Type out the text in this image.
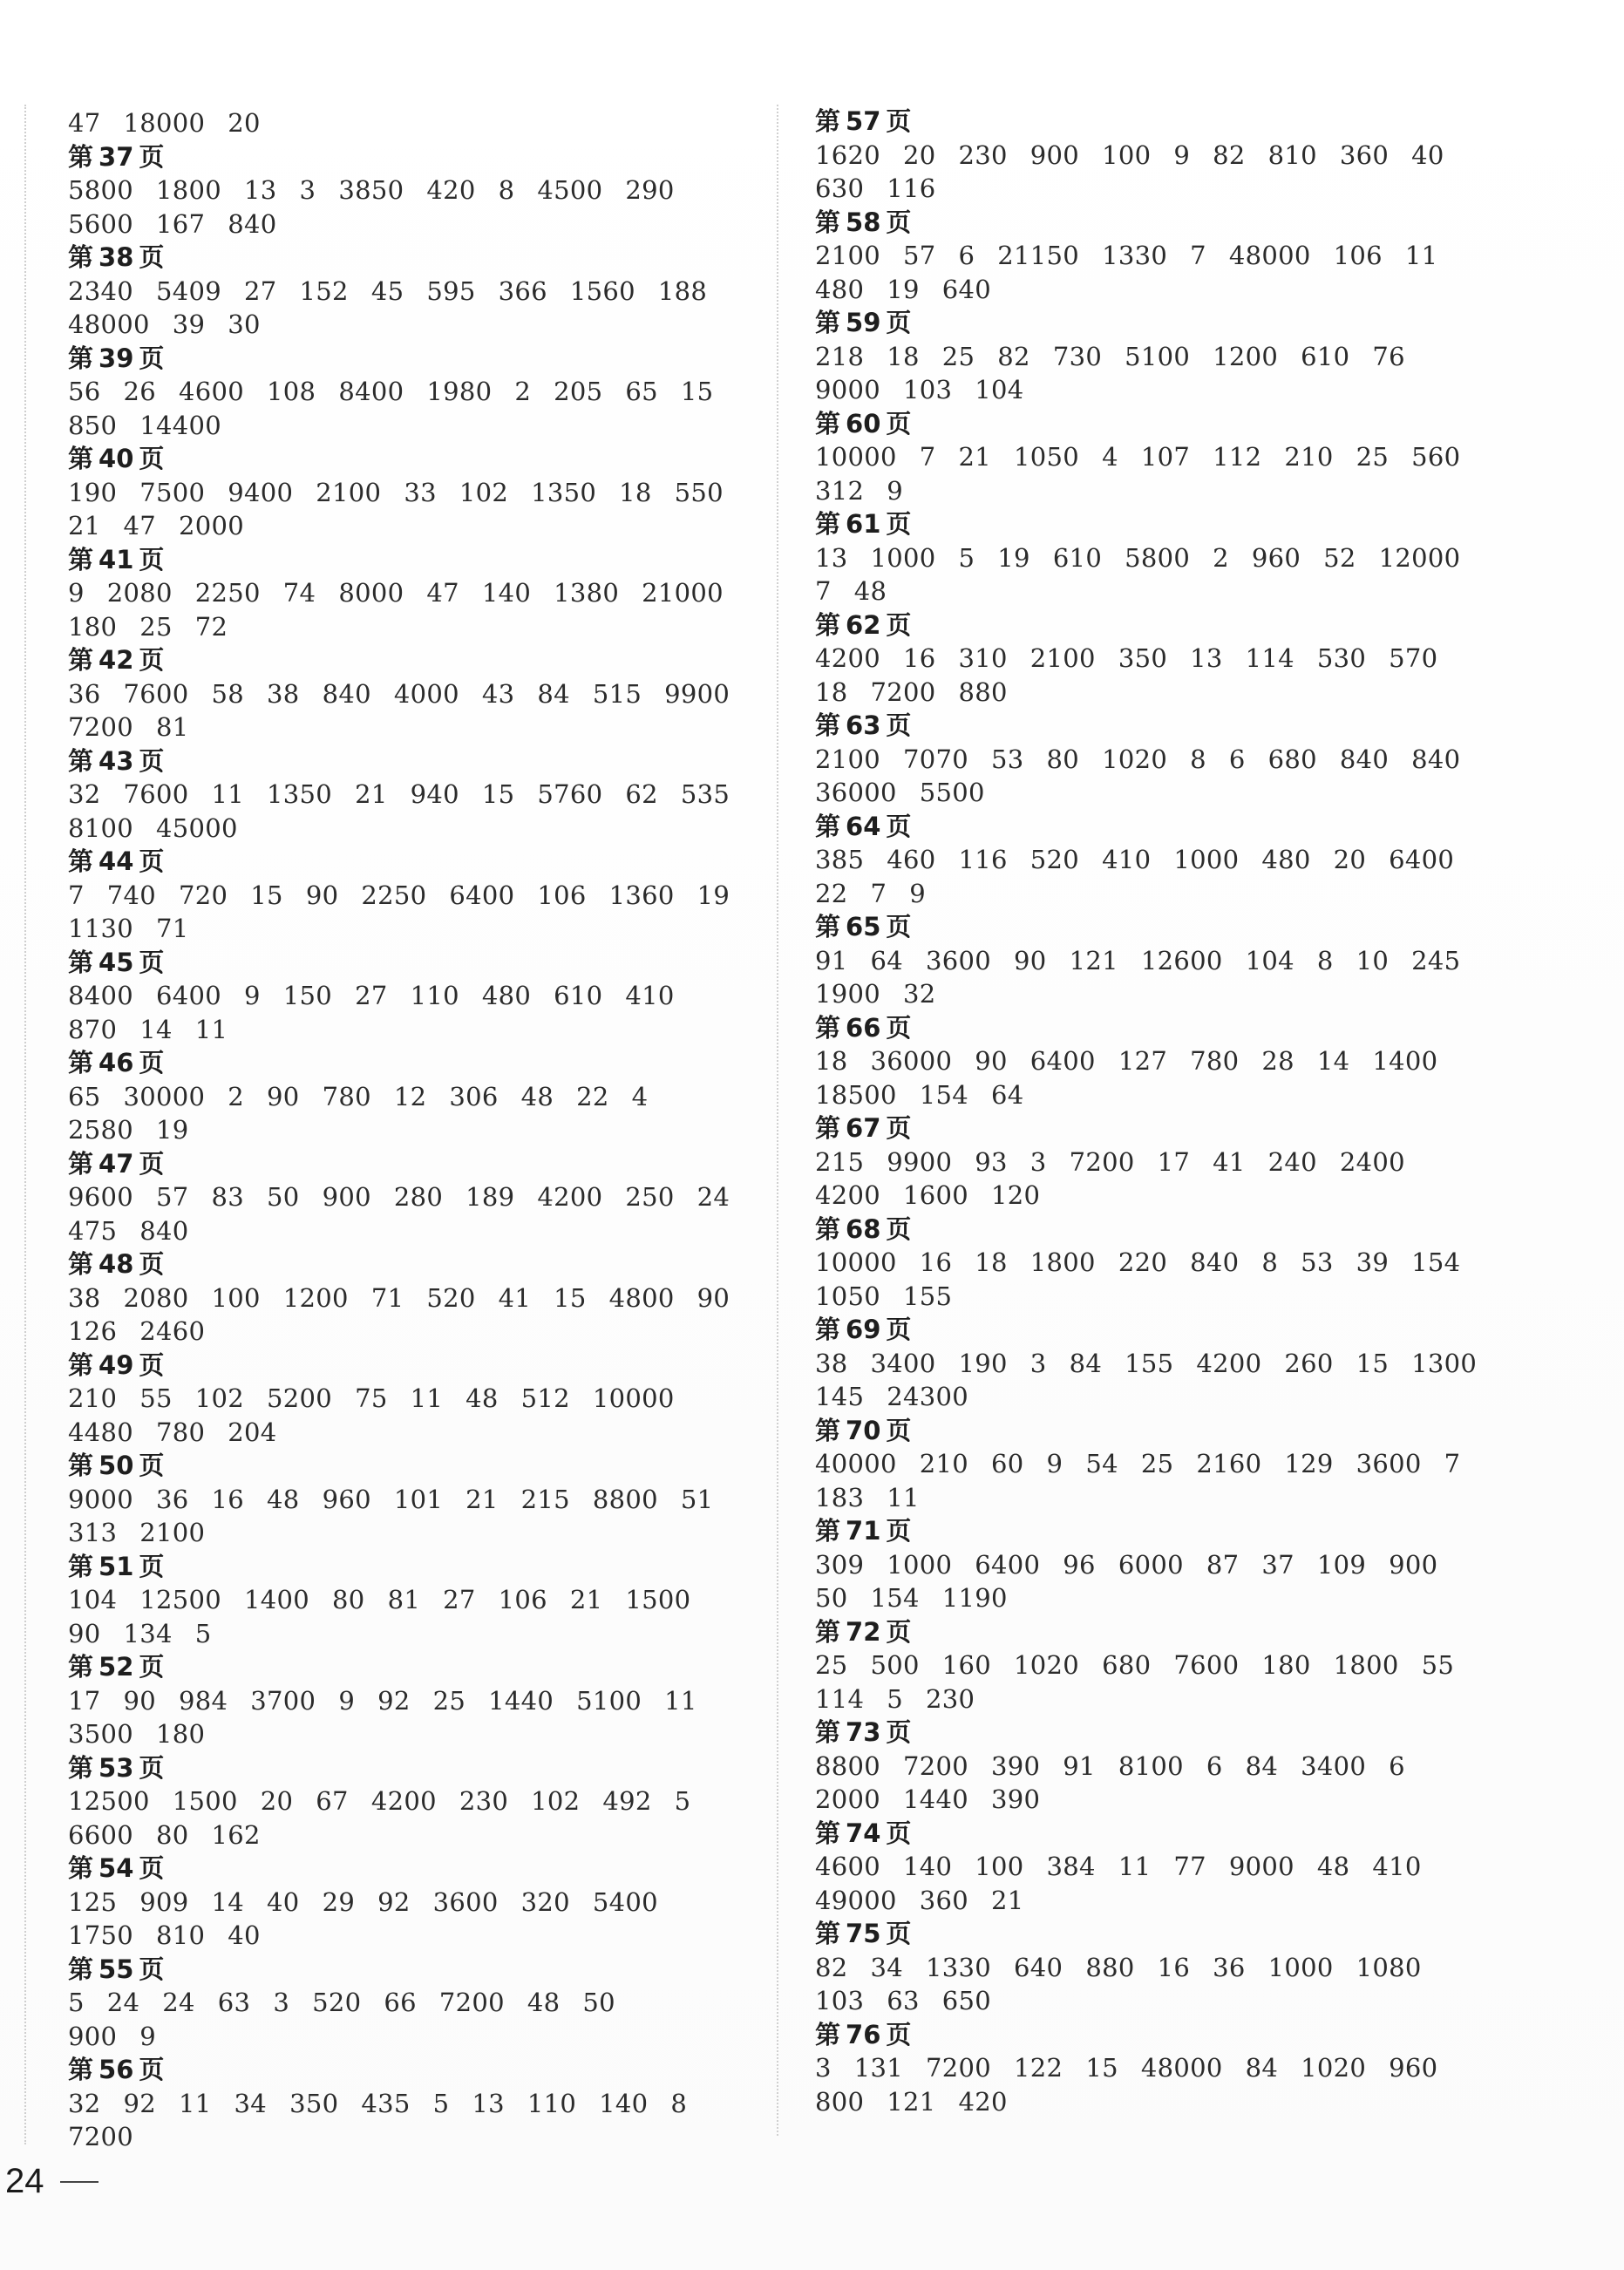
47 18000 20
第 37 页
5800 1800 13 3 3850 420 8 4500 290
5600 167 840
第 38 页
2340 5409 27 152 45 595 366 1560 188
48000 39 30
第 39 页
56 26 4600 108 8400 1980 2 205 65 15
850 14400
第 40 页
190 7500 9400 2100 33 102 1350 18 550
21 47 2000
第 41 页
9 2080 2250 74 8000 47 140 1380 21000
180 25 72
第 42 页
36 7600 58 38 840 4000 43 84 515 9900
7200 81
第 43 页
32 7600 11 1350 21 940 15 5760 62 535
8100 45000
第 44 页
7 740 720 15 90 2250 6400 106 1360 19
1130 71
第 45 页
8400 6400 9 150 27 110 480 610 410
870 14 11
第 46 页
65 30000 2 90 780 12 306 48 22 4
2580 19
第 47 页
9600 57 83 50 900 280 189 4200 250 24
475 840
第 48 页
38 2080 100 1200 71 520 41 15 4800 90
126 2460
第 49 页
210 55 102 5200 75 11 48 512 10000
4480 780 204
第 50 页
9000 36 16 48 960 101 21 215 8800 51
313 2100
第 51 页
104 12500 1400 80 81 27 106 21 1500
90 134 5
第 52 页
17 90 984 3700 9 92 25 1440 5100 11
3500 180
第 53 页
12500 1500 20 67 4200 230 102 492 5
6600 80 162
第 54 页
125 909 14 40 29 92 3600 320 5400
1750 810 40
第 55 页
5 24 24 63 3 520 66 7200 48 50
900 9
第 56 页
32 92 11 34 350 435 5 13 110 140 8
7200
第 57 页
1620 20 230 900 100 9 82 810 360 40
630 116
第 58 页
2100 57 6 21150 1330 7 48000 106 11
480 19 640
第 59 页
218 18 25 82 730 5100 1200 610 76
9000 103 104
第 60 页
10000 7 21 1050 4 107 112 210 25 560
312 9
第 61 页
13 1000 5 19 610 5800 2 960 52 12000
7 48
第 62 页
4200 16 310 2100 350 13 114 530 570
18 7200 880
第 63 页
2100 7070 53 80 1020 8 6 680 840 840
36000 5500
第 64 页
385 460 116 520 410 1000 480 20 6400
22 7 9
第 65 页
91 64 3600 90 121 12600 104 8 10 245
1900 32
第 66 页
18 36000 90 6400 127 780 28 14 1400
18500 154 64
第 67 页
215 9900 93 3 7200 17 41 240 2400
4200 1600 120
第 68 页
10000 16 18 1800 220 840 8 53 39 154
1050 155
第 69 页
38 3400 190 3 84 155 4200 260 15 1300
145 24300
第 70 页
40000 210 60 9 54 25 2160 129 3600 7
183 11
第 71 页
309 1000 6400 96 6000 87 37 109 900
50 154 1190
第 72 页
25 500 160 1020 680 7600 180 1800 55
114 5 230
第 73 页
8800 7200 390 91 8100 6 84 3400 6
2000 1440 390
第 74 页
4600 140 100 384 11 77 9000 48 410
49000 360 21
第 75 页
82 34 1330 640 880 16 36 1000 1080
103 63 650
第 76 页
3 131 7200 122 15 48000 84 1020 960
800 121 420
24
